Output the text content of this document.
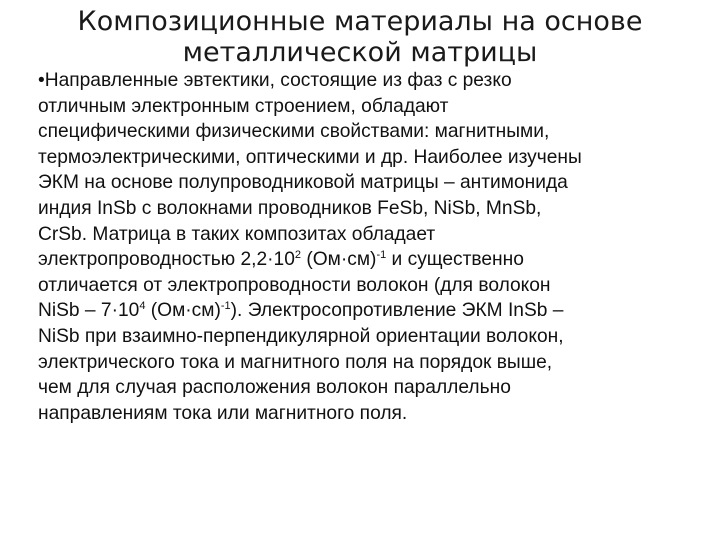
Композиционные материалы на основе
металлической матрицы
•Направленные эвтектики, состоящие из фаз с резко
отличным электронным строением, обладают
специфическими физическими свойствами: магнитными,
термоэлектрическими, оптическими и др. Наиболее изучены
ЭКМ на основе полупроводниковой матрицы – антимонида
индия InSb с волокнами проводников FeSb, NiSb, MnSb,
CrSb. Матрица в таких композитах обладает
электропроводностью $2,2\cdot 10^2$ $(Ом\cdot см)^{-1}$ и существенно
отличается от электропроводности волокон (для волокон
NiSb – $7\cdot 10^4$ $(Ом\cdot см)^{-1}$). Электросопротивление ЭКМ InSb –
NiSb при взаимно-перпендикулярной ориентации волокон,
электрического тока и магнитного поля на порядок выше,
чем для случая расположения волокон параллельно
направлениям тока или магнитного поля.
